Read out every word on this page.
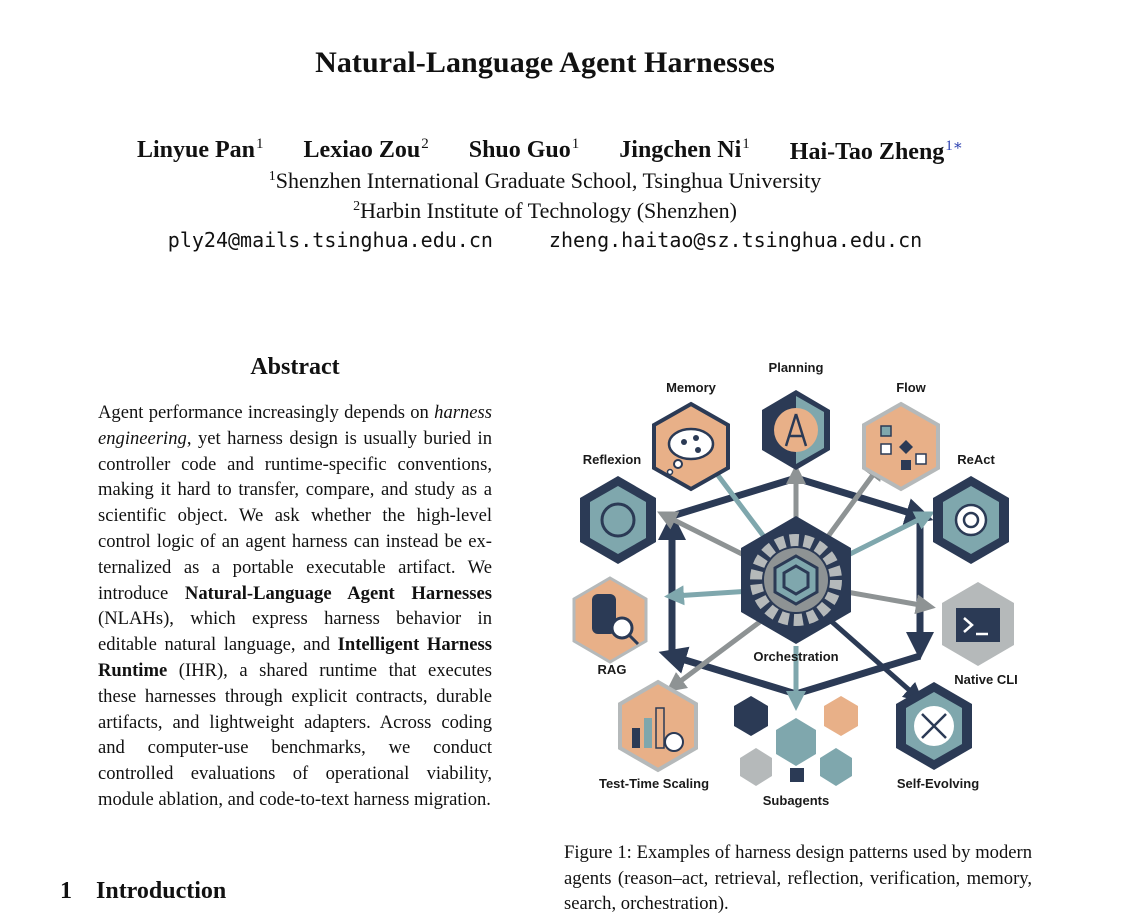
Natural-Language Agent Harnesses
Linyue Pan$^1$ Lexiao Zou$^2$ Shuo Guo$^1$ Jingchen Ni$^1$ Hai-Tao Zheng$^{1∗}$
$^1$Shenzhen International Graduate School, Tsinghua University
$^2$Harbin Institute of Technology (Shenzhen)
ply24@mails.tsinghua.edu.cn	zheng.haitao@sz.tsinghua.edu.cn
Abstract

Agent performance increasingly depends on harness engineering, yet harness design is usually buried in controller code and runtime-specific conventions, making it hard to transfer, compare, and study as a scientific object. We ask whether the high-level control logic of an agent harness can instead be externalized as a portable executable artifact. We introduce Natural-Language Agent Harnesses (NLAHs), which express harness behavior in editable natural language, and Intelligent Harness Runtime (IHR), a shared runtime that executes these harnesses through explicit contracts, durable artifacts, and lightweight adapters. Across coding and computer-use benchmarks, we conduct controlled evaluations of operational viability, module ablation, and code-to-text harness migration.

1 Introduction
Orchestration
Planning
Memory	Flow
Reflexion	ReAct
RAG
Native CLI
Test-Time Scaling
Subagents
Self-Evolving
Figure 1: Examples of harness design patterns used by modern agents (reason–act, retrieval, reflection, verification, memory, search, orchestration).
